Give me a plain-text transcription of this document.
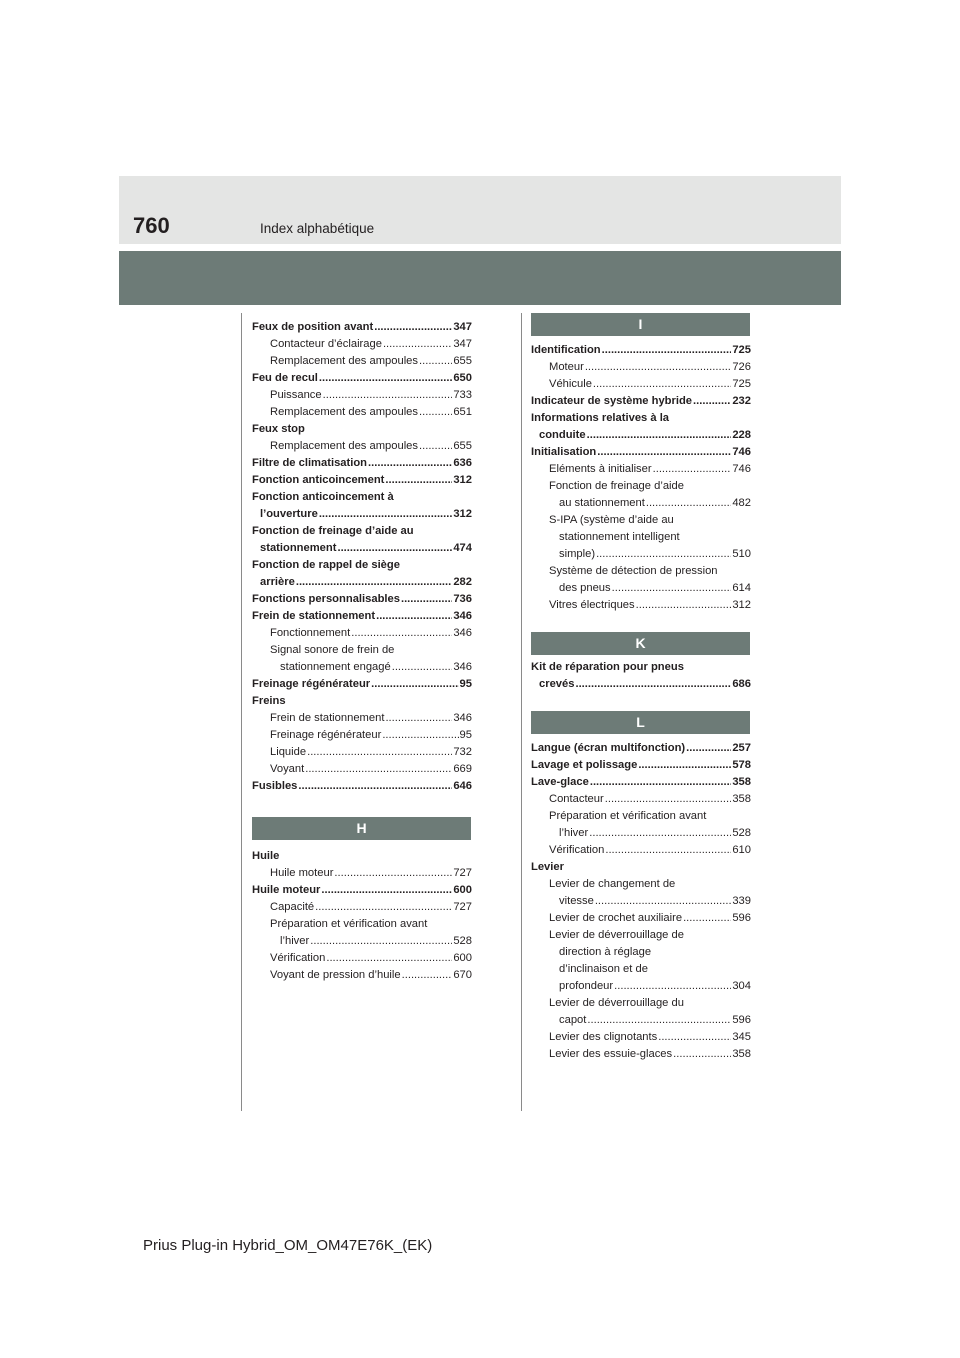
760	Index alphabétique
Feux de position avant .....	347
Contacteur d’éclairage .....	347
Remplacement des ampoules .....	655
Feu de recul .....	650
Puissance .....	733
Remplacement des ampoules .....	651
Feux stop
Remplacement des ampoules .....	655
Filtre de climatisation .....	636
Fonction anticoincement .....	312
Fonction anticoincement à
l’ouverture .....	312
Fonction de freinage d’aide au
stationnement .....	474
Fonction de rappel de siège
arrière .....	282
Fonctions personnalisables .....	736
Frein de stationnement .....	346
Fonctionnement .....	346
Signal sonore de frein de
stationnement engagé .....	346
Freinage régénérateur .....	95
Freins
Frein de stationnement .....	346
Freinage régénérateur .....	95
Liquide .....	732
Voyant .....	669
Fusibles .....	646
H
Huile
Huile moteur .....	727
Huile moteur .....	600
Capacité .....	727
Préparation et vérification avant
l’hiver .....	528
Vérification .....	600
Voyant de pression d’huile .....	670
I
Identification .....	725
Moteur .....	726
Véhicule .....	725
Indicateur de système hybride .....	232
Informations relatives à la
conduite .....	228
Initialisation .....	746
Eléments à initialiser .....	746
Fonction de freinage d’aide
au stationnement .....	482
S-IPA (système d’aide au
stationnement intelligent
simple) .....	510
Système de détection de pression
des pneus .....	614
Vitres électriques .....	312
K
Kit de réparation pour pneus
crevés .....	686
L
Langue (écran multifonction) .....	257
Lavage et polissage .....	578
Lave-glace .....	358
Contacteur .....	358
Préparation et vérification avant
l’hiver .....	528
Vérification .....	610
Levier
Levier de changement de
vitesse .....	339
Levier de crochet auxiliaire .....	596
Levier de déverrouillage de
direction à réglage
d’inclinaison et de
profondeur .....	304
Levier de déverrouillage du
capot .....	596
Levier des clignotants .....	345
Levier des essuie-glaces .....	358
Prius Plug-in Hybrid_OM_OM47E76K_(EK)
